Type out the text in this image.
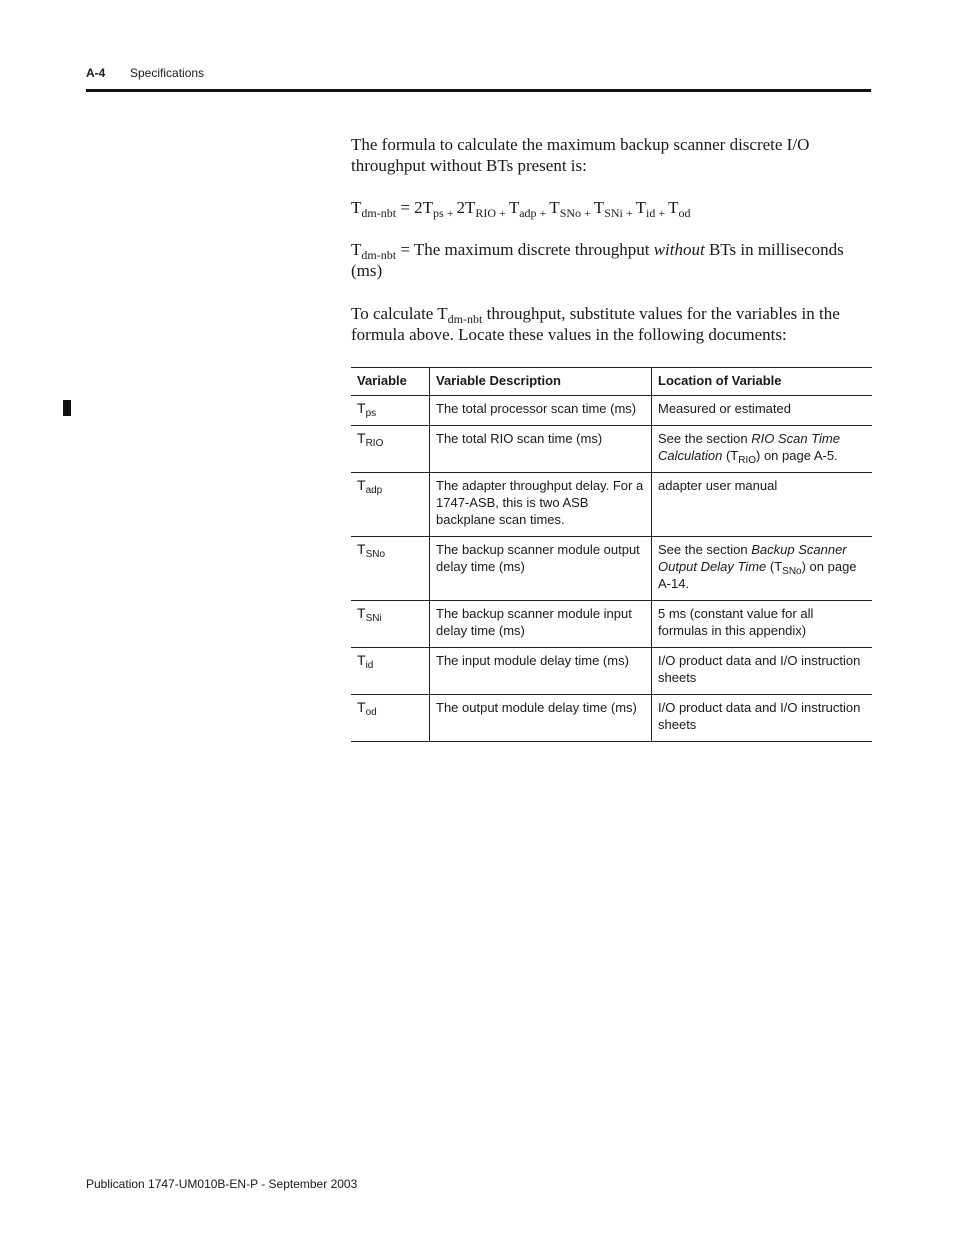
A-4 Specifications
The formula to calculate the maximum backup scanner discrete I/O throughput without BTs present is:
$T_{dm-nbt} = 2T_{ps +}$ $2T_{RIO +}$ $T_{adp +}$ $T_{SNo +}$ $T_{SNi +}$ $T_{id +}$ $T_{od}$
$T_{dm-nbt}$ = The maximum discrete throughput without BTs in milliseconds (ms)
To calculate $T_{dm-nbt}$ throughput, substitute values for the variables in the formula above. Locate these values in the following documents:
Variable	Variable Description	Location of Variable
$T_{ps}$	The total processor scan time (ms)	Measured or estimated
$T_{RIO}$	The total RIO scan time (ms)	See the section RIO Scan Time Calculation $(T_{RIO})$ on page A-5.
$T_{adp}$	The adapter throughput delay. For a 1747-ASB, this is two ASB backplane scan times.	adapter user manual
$T_{SNo}$	The backup scanner module output delay time (ms)	See the section Backup Scanner Output Delay Time $(T_{SNo})$ on page A-14.
$T_{SNi}$	The backup scanner module input delay time (ms)	5 ms (constant value for all formulas in this appendix)
$T_{id}$	The input module delay time (ms)	I/O product data and I/O instruction sheets
$T_{od}$	The output module delay time (ms)	I/O product data and I/O instruction sheets
Publication 1747-UM010B-EN-P - September 2003
